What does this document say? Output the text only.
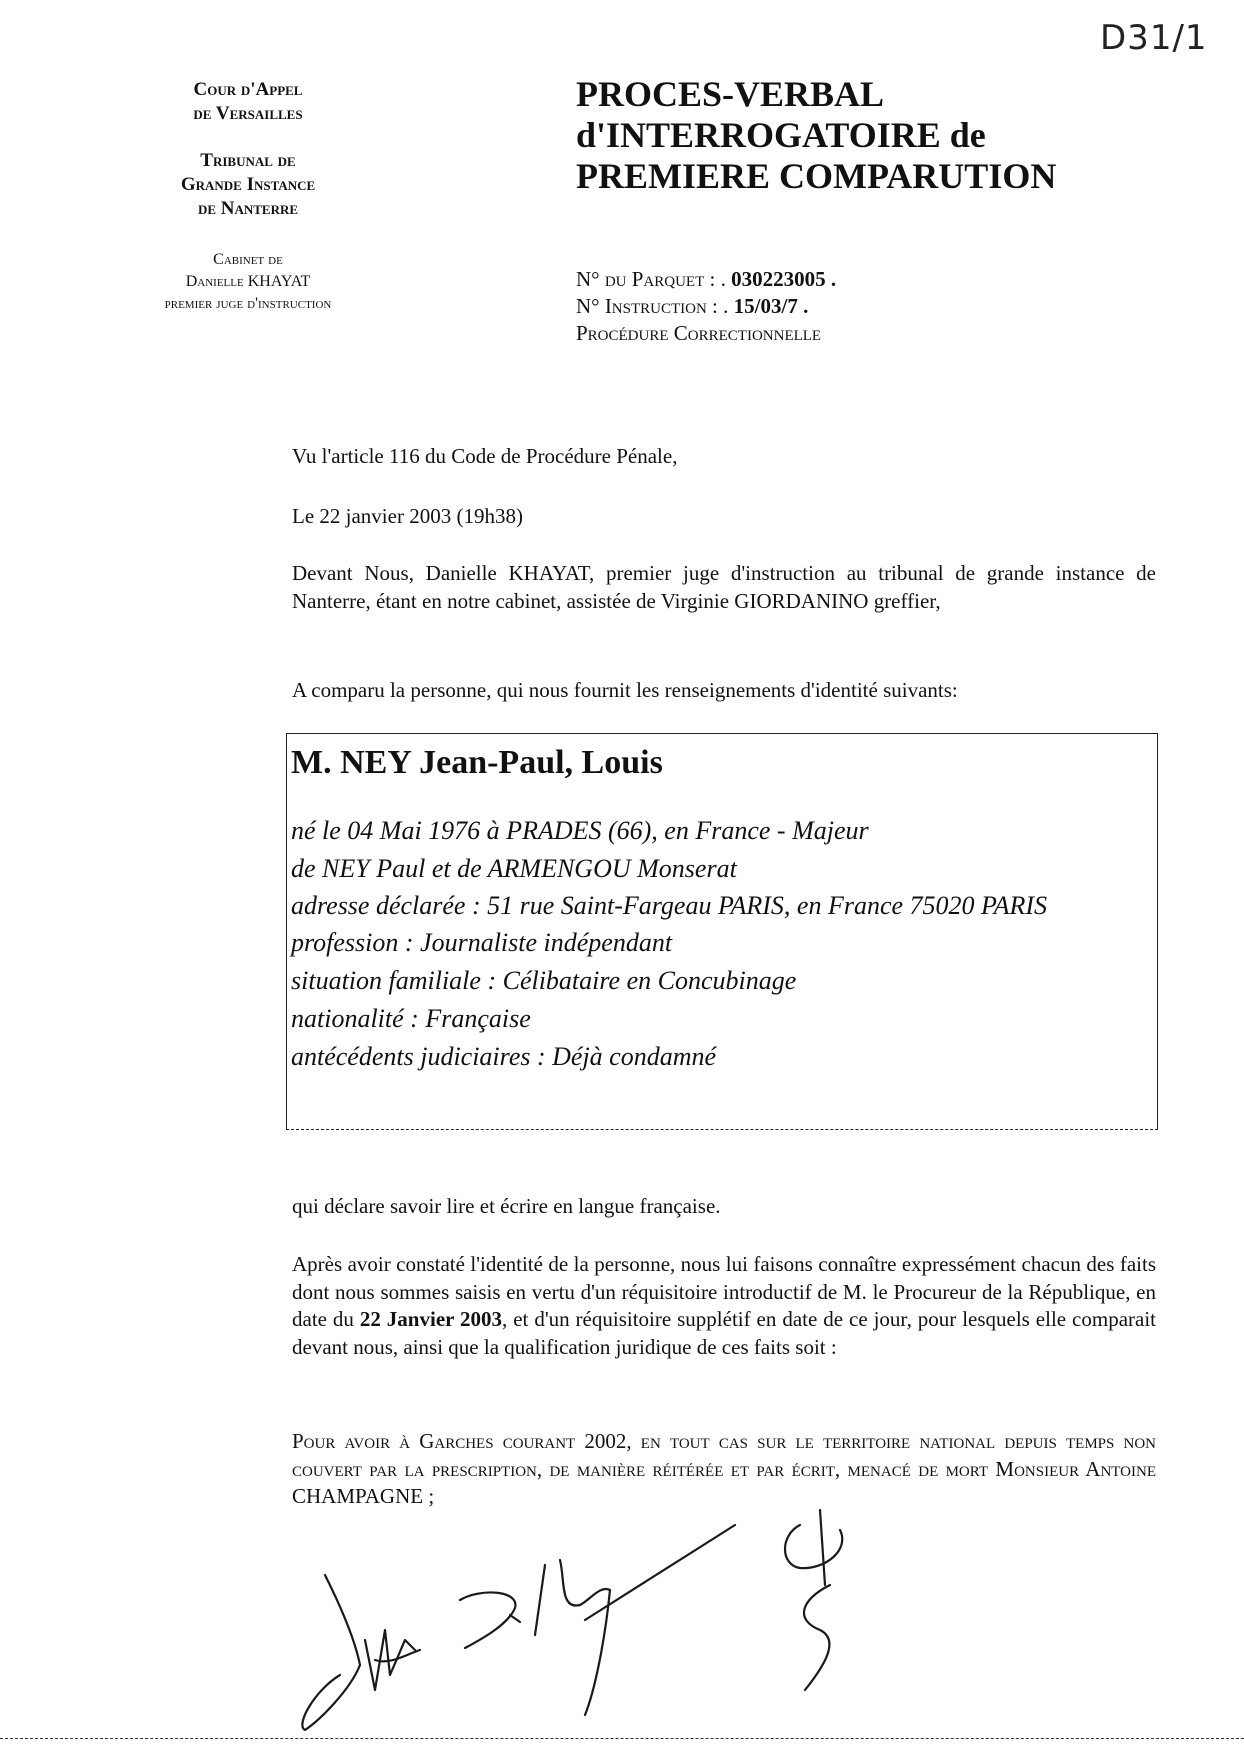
D31/1
Cour d'Appel
de Versailles
Tribunal de
Grande Instance
de Nanterre
Cabinet de
Danielle KHAYAT
premier juge d'instruction
PROCES-VERBAL
d'INTERROGATOIRE de
PREMIERE COMPARUTION
N° du Parquet : . 030223005 .
N° Instruction : . 15/03/7 .
Procédure Correctionnelle
Vu l'article 116 du Code de Procédure Pénale,
Le 22 janvier 2003 (19h38)
Devant Nous, Danielle KHAYAT, premier juge d'instruction au tribunal de grande instance de Nanterre, étant en notre cabinet, assistée de Virginie GIORDANINO greffier,
A comparu la personne, qui nous fournit les renseignements d'identité suivants:
M. NEY Jean-Paul, Louis
né le 04 Mai 1976 à PRADES (66), en France - Majeur
de NEY Paul et de ARMENGOU Monserat
adresse déclarée : 51 rue Saint-Fargeau PARIS, en France 75020 PARIS
profession : Journaliste indépendant
situation familiale : Célibataire en Concubinage
nationalité : Française
antécédents judiciaires : Déjà condamné
qui déclare savoir lire et écrire en langue française.
Après avoir constaté l'identité de la personne, nous lui faisons connaître expressément chacun des faits dont nous sommes saisis en vertu d'un réquisitoire introductif de M. le Procureur de la République, en date du 22 Janvier 2003, et d'un réquisitoire supplétif en date de ce jour, pour lesquels elle comparait devant nous, ainsi que la qualification juridique de ces faits soit :
Pour avoir à Garches courant 2002, en tout cas sur le territoire national depuis temps non couvert par la prescription, de manière réitérée et par écrit, menacé de mort Monsieur Antoine CHAMPAGNE ;
